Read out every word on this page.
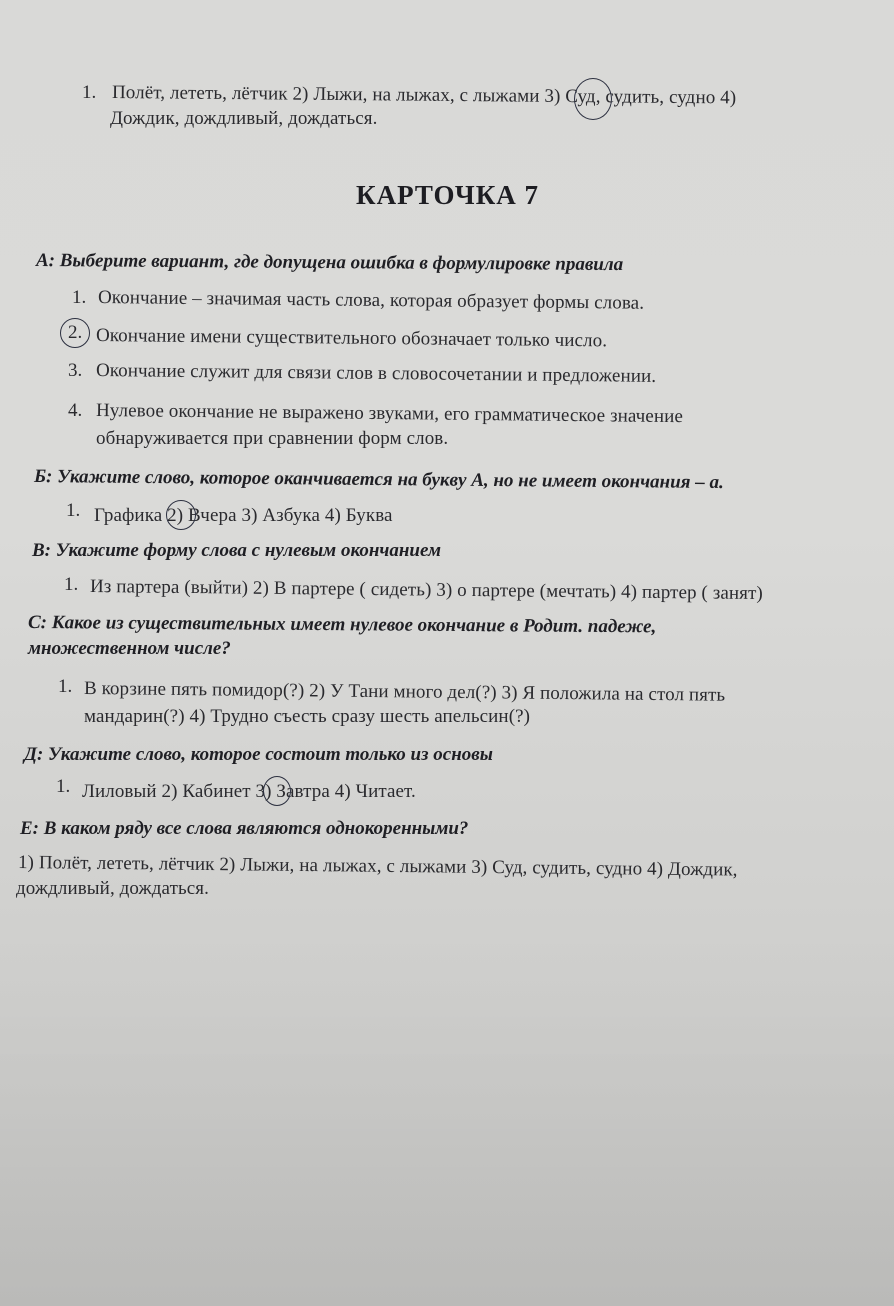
1. Полёт, лететь, лётчик 2) Лыжи, на лыжах, с лыжами 3) Суд, судить, судно 4)
Дождик, дождливый, дождаться.
КАРТОЧКА 7
А: Выберите вариант, где допущена ошибка в формулировке правила
1. Окончание – значимая часть слова, которая образует формы слова.
2. Окончание имени существительного обозначает только число.
3. Окончание служит для связи слов в словосочетании и предложении.
4. Нулевое окончание не выражено звуками, его грамматическое значение
обнаруживается при сравнении форм слов.
Б: Укажите слово, которое оканчивается на букву А, но не имеет окончания – а.
1. Графика 2) Вчера 3) Азбука 4) Буква
В: Укажите форму слова с нулевым окончанием
1. Из партера (выйти) 2) В партере ( сидеть) 3) о партере (мечтать) 4) партер ( занят)
С: Какое из существительных имеет нулевое окончание в Родит. падеже,
множественном числе?
1. В корзине пять помидор(?) 2) У Тани много дел(?) 3) Я положила на стол пять
мандарин(?) 4) Трудно съесть сразу шесть апельсин(?)
Д: Укажите слово, которое состоит только из основы
1. Лиловый 2) Кабинет 3) Завтра 4) Читает.
Е: В каком ряду все слова являются однокоренными?
1) Полёт, лететь, лётчик 2) Лыжи, на лыжах, с лыжами 3) Суд, судить, судно 4) Дождик,
дождливый, дождаться.
